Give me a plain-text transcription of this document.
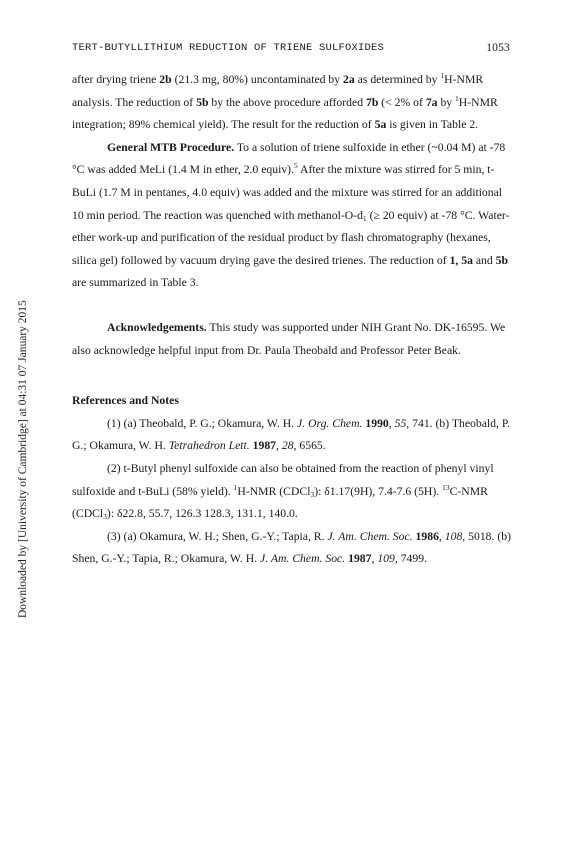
TERT-BUTYLLITHIUM REDUCTION OF TRIENE SULFOXIDES	1053
Downloaded by [University of Cambridge] at 04:31 07 January 2015

after drying triene 2b (21.3 mg, 80%) uncontaminated by 2a as determined by $^1$H-NMR analysis. The reduction of 5b by the above procedure afforded 7b (< 2% of 7a by $^1$H-NMR integration; 89% chemical yield). The result for the reduction of 5a is given in Table 2.

General MTB Procedure. To a solution of triene sulfoxide in ether (~0.04 M) at -78 °C was added MeLi (1.4 M in ether, 2.0 equiv).$^5$ After the mixture was stirred for 5 min, t-BuLi (1.7 M in pentanes, 4.0 equiv) was added and the mixture was stirred for an additional 10 min period. The reaction was quenched with methanol-$O-d_1$ (≥ 20 equiv) at -78 °C. Water-ether work-up and purification of the residual product by flash chromatography (hexanes, silica gel) followed by vacuum drying gave the desired trienes. The reduction of 1, 5a and 5b are summarized in Table 3.

Acknowledgements. This study was supported under NIH Grant No. DK-16595. We also acknowledge helpful input from Dr. Paula Theobald and Professor Peter Beak.

References and Notes

(1) (a) Theobald, P. G.; Okamura, W. H. J. Org. Chem. 1990, 55, 741. (b) Theobald, P. G.; Okamura, W. H. Tetrahedron Lett. 1987, 28, 6565.

(2) t-Butyl phenyl sulfoxide can also be obtained from the reaction of phenyl vinyl sulfoxide and t-BuLi (58% yield). $^1$H-NMR (CDCl$_3$): δ1.17(9H), 7.4-7.6 (5H). $^{13}$C-NMR (CDCl$_3$): δ22.8, 55.7, 126.3 128.3, 131.1, 140.0.

(3) (a) Okamura, W. H.; Shen, G.-Y.; Tapia, R. J. Am. Chem. Soc. 1986, 108, 5018. (b) Shen, G.-Y.; Tapia, R.; Okamura, W. H. J. Am. Chem. Soc. 1987, 109, 7499.
